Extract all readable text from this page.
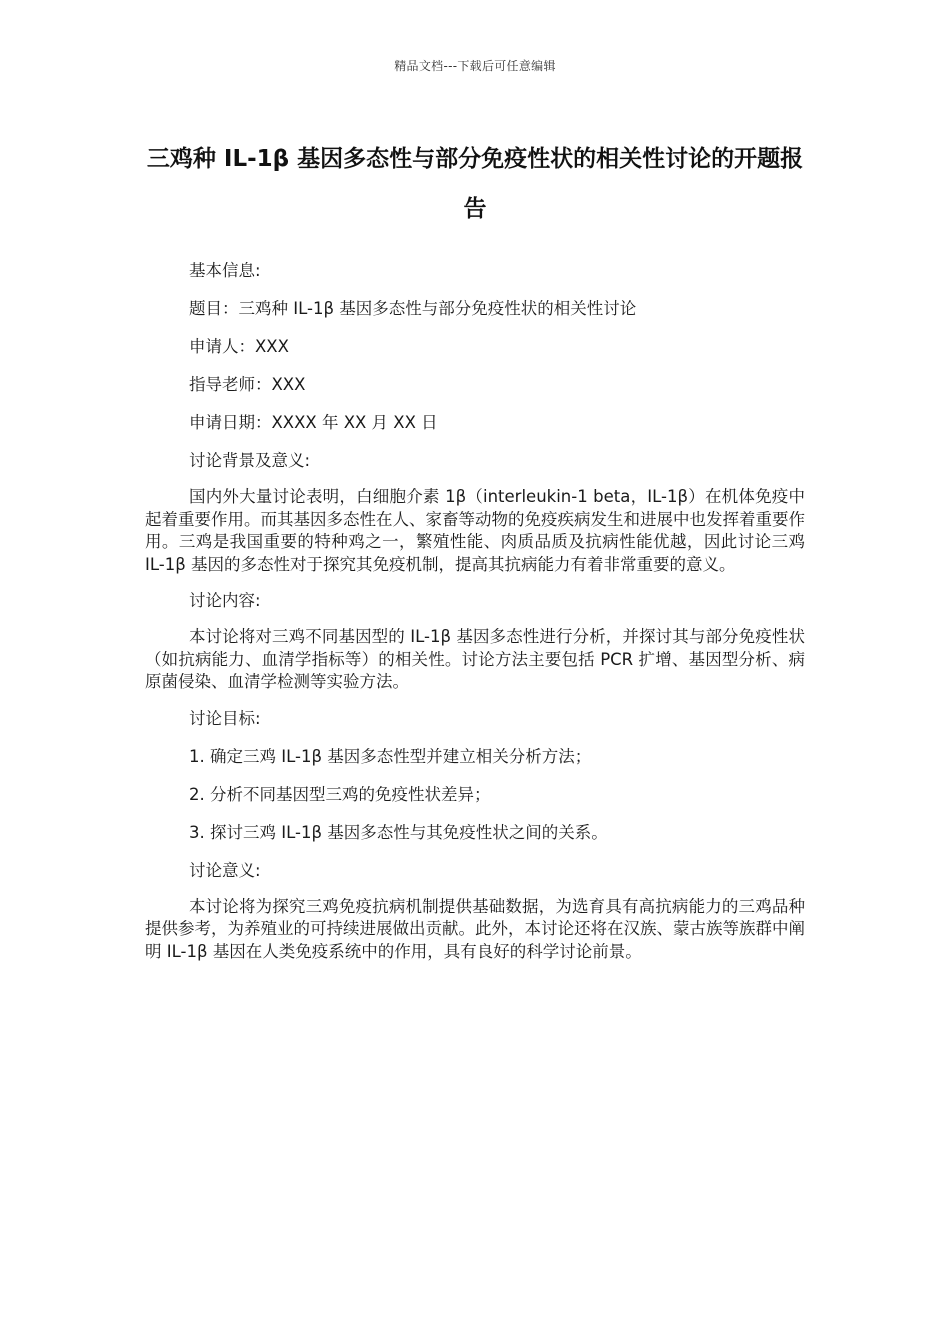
精品文档---下载后可任意编辑
三鸡种 IL-1β 基因多态性与部分免疫性状的相关性讨论的开题报告

基本信息:

题目：三鸡种 IL-1β 基因多态性与部分免疫性状的相关性讨论

申请人：XXX

指导老师：XXX

申请日期：XXXX 年 XX 月 XX 日

讨论背景及意义:

国内外大量讨论表明，白细胞介素 1β（interleukin-1 beta，IL-1β）在机体免疫中起着重要作用。而其基因多态性在人、家畜等动物的免疫疾病发生和进展中也发挥着重要作用。三鸡是我国重要的特种鸡之一，繁殖性能、肉质品质及抗病性能优越，因此讨论三鸡 IL-1β 基因的多态性对于探究其免疫机制，提高其抗病能力有着非常重要的意义。

讨论内容:

本讨论将对三鸡不同基因型的 IL-1β 基因多态性进行分析，并探讨其与部分免疫性状（如抗病能力、血清学指标等）的相关性。讨论方法主要包括 PCR 扩增、基因型分析、病原菌侵染、血清学检测等实验方法。

讨论目标:

1. 确定三鸡 IL-1β 基因多态性型并建立相关分析方法；

2. 分析不同基因型三鸡的免疫性状差异；

3. 探讨三鸡 IL-1β 基因多态性与其免疫性状之间的关系。

讨论意义:

本讨论将为探究三鸡免疫抗病机制提供基础数据，为选育具有高抗病能力的三鸡品种提供参考，为养殖业的可持续进展做出贡献。此外，本讨论还将在汉族、蒙古族等族群中阐明 IL-1β 基因在人类免疫系统中的作用，具有良好的科学讨论前景。
